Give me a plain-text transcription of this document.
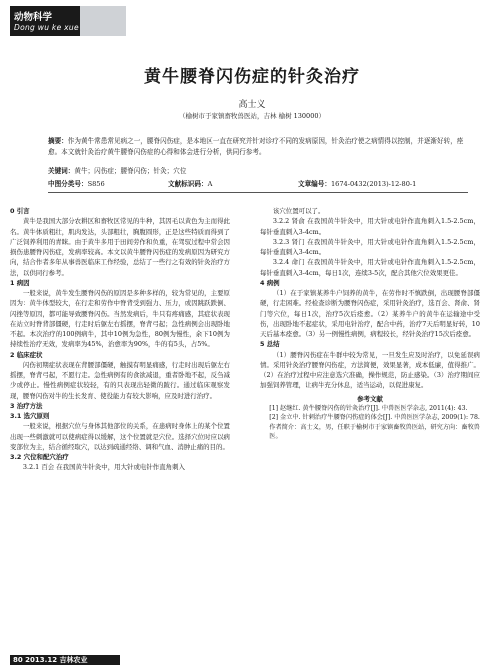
动物科学
Dong wu ke xue
黄牛腰脊闪伤症的针灸治疗
高士义
（榆树市于家镇畜牧兽医站，吉林 榆树 130000）
摘要：作为黄牛常患常见病之一，腰脊闪伤症，是本地区一直在研究并针对诊疗不同的发病原因，针灸治疗使之病情得以控制，并逐渐好转，痊愈。本文就针灸治疗黄牛腰脊闪伤症的心得和体会进行分析，供同行参考。
关键词：黄牛；闪伤症；腰脊闪伤；针灸；穴位
中图分类号：S856	文献标识码：A	文章编号：1674-0432(2013)-12-80-1

0 引言

黄牛是我国大部分农耕区和畜牧区常见的牛种，其因毛以黄色为主而得此名。黄牛体质粗壮，肌肉发达，头部粗壮，胸腹圆形，正是这些特质而得到了广泛饲养利用的青睐。由于黄牛多用于田间劳作和负重，在驾驭过程中常会因损伤患腰脊闪伤症，发病率较高。本文以黄牛腰脊闪伤症的发病原因为研究方向，结合作者多年从事兽医临床工作经验，总结了一些行之有效的针灸治疗方法，以供同行参考。

1 病因

一般来说，黄牛发生腰脊闪伤的原因是多种多样的，较为常见的，主要原因为：黄牛体型较大，在行走和劳作中脊背受到强力、压力，或因跳跃跌倒、闪挫等原因，都可能导致腰脊闪伤。当然发病后，牛只有疼痛感，其症状表现在站立时脊背部僵硬，行走时后躯左右摇摆，脊背弓起；急性病例会出现卧地不起。本次治疗的100例病牛，其中10例为急性，80例为慢性，余下10例为持续性治疗无效，发病率为45%，治愈率为90%，牛的有5头，占5%。

2 临床症状

闪伤初期症状表现在背腰部僵硬，触摸有明显痛感，行走时出现后躯左右摇摆，脊背弓起，不愿行走。急性病例有的食欲减退，重者卧地不起，反刍减少或停止。慢性病例症状较轻，有的只表现出轻微的跛行。通过临床观察发现，腰脊闪伤对牛的生长发育、使役能力有较大影响，应及时进行治疗。

3 治疗方法

3.1 选穴原则

一般来说，根据穴位与身体其他部位的关系，在患病时身体上的某个位置出现一些刺激就可以使病症得以缓解，这个位置就是穴位。选择穴位时应以病变部位为主，结合循经取穴，以达到疏通经络、调和气血、消肿止痛的目的。

3.2 穴位和配穴治疗

3.2.1 百会 在我国黄牛针灸中，用大针或电针作直角刺入

该穴位置可以了。

3.2.2 肾俞 在我国黄牛针灸中，用大针或电针作直角刺入1.5-2.5cm，每针垂直刺入3-4cm。

3.2.3 肾门 在我国黄牛针灸中，用大针或电针作直角刺入1.5-2.5cm，每针垂直刺入3-4cm。

3.2.4 命门 在我国黄牛针灸中，用大针或电针作直角刺入1.5-2.5cm，每针垂直刺入3-4cm，每日1次，连续3-5次，配合其他穴位效果更佳。

4 病例

（1）在于家镇某养牛户饲养的黄牛，在劳作时不慎跌倒，出现腰脊部僵硬，行走困难。经检查诊断为腰脊闪伤症，采用针灸治疗，选百会、肾俞、肾门等穴位，每日1次，治疗5次后痊愈。（2）某养牛户的黄牛在运输途中受伤，出现卧地不起症状，采用电针治疗，配合中药，治疗7天后明显好转，10天后基本痊愈。（3）另一例慢性病例，病程较长，经针灸治疗15次后痊愈。

5 总结

（1）腰脊闪伤症在牛群中较为常见，一旦发生应及时治疗，以免延误病情。采用针灸治疗腰脊闪伤症，方法简便，效果显著，成本低廉，值得推广。（2）在治疗过程中应注意选穴准确，操作规范，防止感染。（3）治疗期间应加强饲养管理，让病牛充分休息，适当运动，以促进康复。

参考文献

[1] 赵继红. 黄牛腰脊闪伤的针灸治疗[J]. 中兽医医学杂志, 2011(4): 43.

[2] 金立中. 针刺治疗牛腰脊闪伤症的体会[J]. 中兽医医学杂志, 2009(1): 78.

作者简介：高士义，男，任职于榆树市于家镇畜牧兽医站，研究方向：畜牧兽医。

80 2013.12 吉林农业
